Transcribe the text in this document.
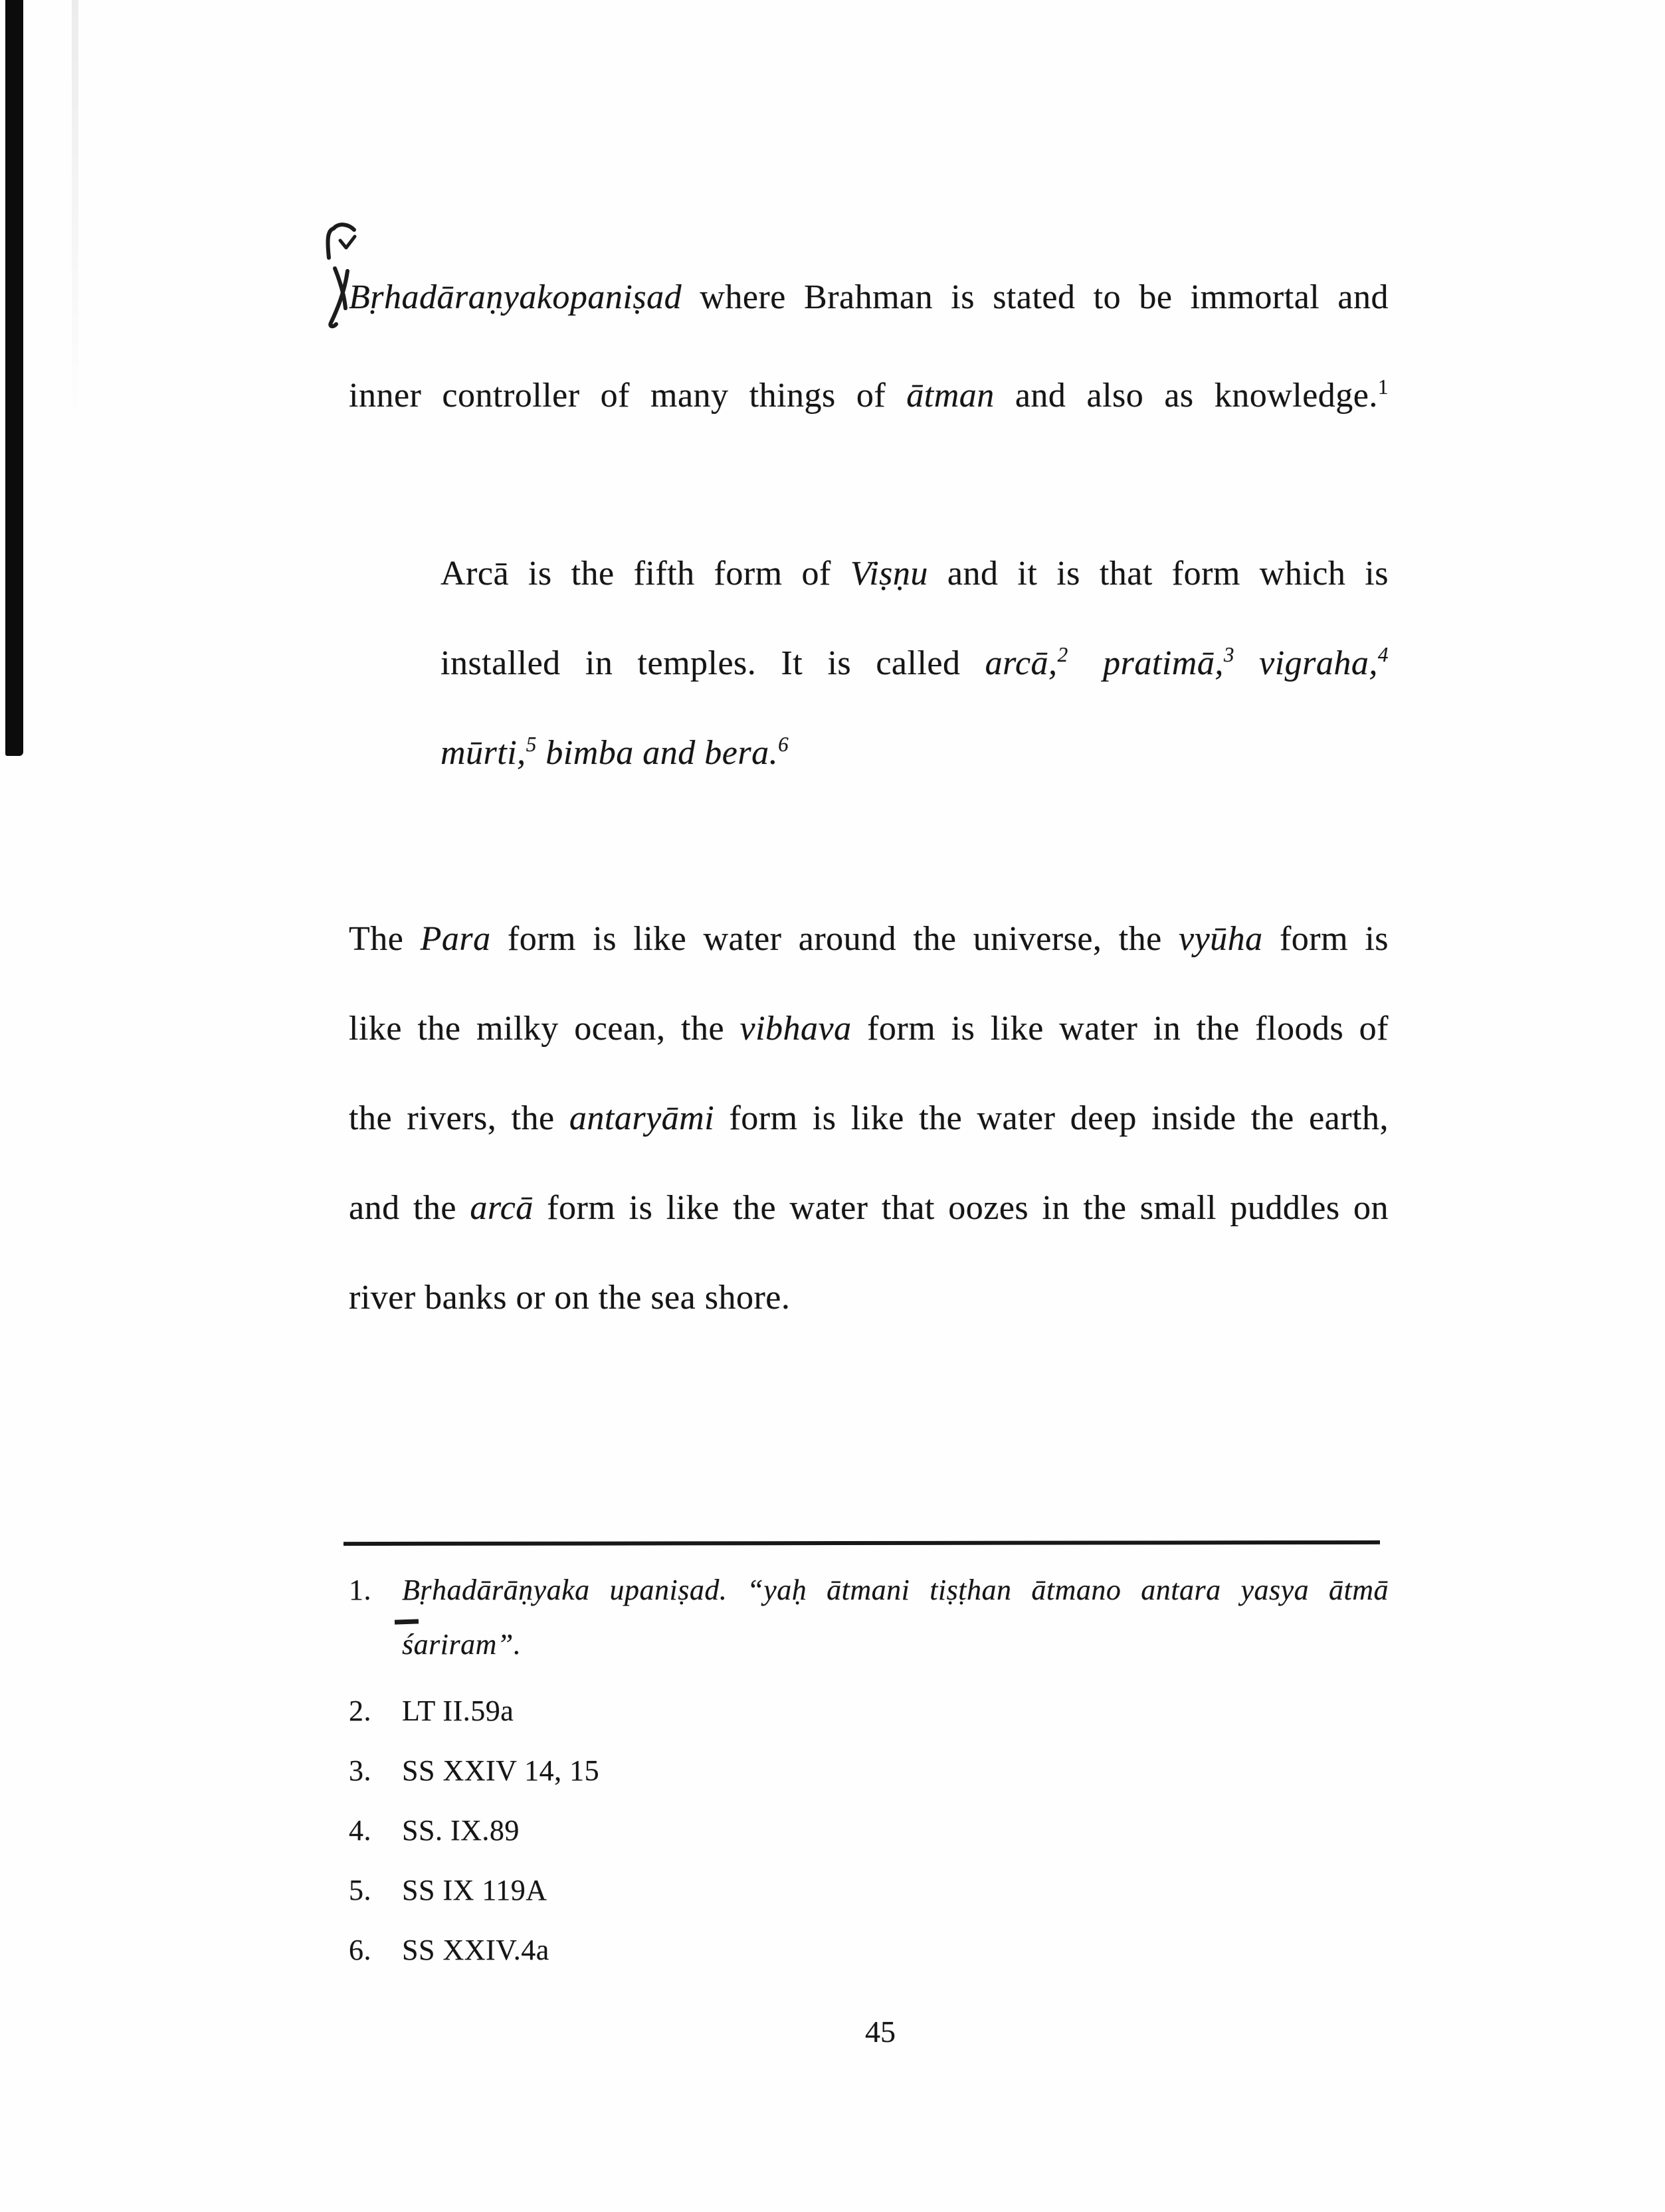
Bṛhadāraṇyakopaniṣad where Brahman is stated to be immortal and
inner controller of many things of ātman and also as knowledge.$^1$
Arcā is the fifth form of Viṣṇu and it is that form which is
installed in temples. It is called arcā,$^2$  pratimā,$^3$ vigraha,$^4$
mūrti,$^5$ bimba and bera.$^6$
The Para form is like water around the universe, the vyūha form is
like the milky ocean, the vibhava form is like water in the floods of
the rivers, the antaryāmi form is like the water deep inside the earth,
and the arcā form is like the water that oozes in the small puddles on
river banks or on the sea shore.
1. Bṛhadārāṇyaka upaniṣad. “yaḥ ātmani tiṣṭhan ātmano antara yasya ātmā
śariram”.
2. LT II.59a
3. SS XXIV 14, 15
4. SS. IX.89
5. SS IX 119A
6. SS XXIV.4a
45
